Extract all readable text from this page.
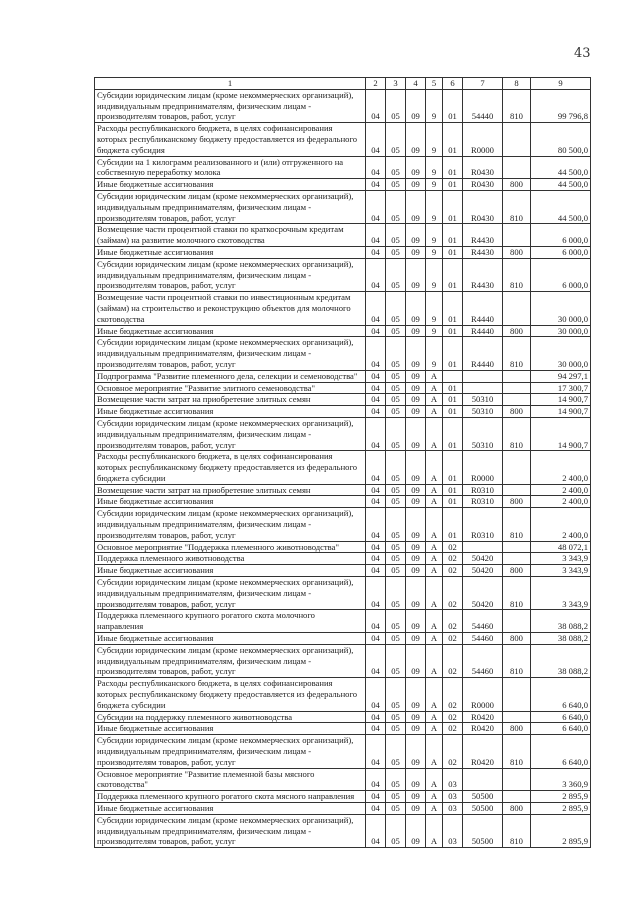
43
1	2	3	4	5	6	7	8	9
Субсидии юридическим лицам (кроме некоммерческих организаций), индивидуальным предпринимателям, физическим лицам - производителям товаров, работ, услуг	04	05	09	9	01	54440	810	99 796,8
Расходы республиканского бюджета, в целях софинансирования которых республиканскому бюджету предоставляется из федерального бюджета субсидия	04	05	09	9	01	R0000		80 500,0
Субсидии на 1 килограмм реализованного и (или) отгруженного на собственную переработку молока	04	05	09	9	01	R0430		44 500,0
Иные бюджетные ассигнования	04	05	09	9	01	R0430	800	44 500,0
Субсидии юридическим лицам (кроме некоммерческих организаций), индивидуальным предпринимателям, физическим лицам - производителям товаров, работ, услуг	04	05	09	9	01	R0430	810	44 500,0
Возмещение части процентной ставки по краткосрочным кредитам (займам) на развитие молочного скотоводства	04	05	09	9	01	R4430		6 000,0
Иные бюджетные ассигнования	04	05	09	9	01	R4430	800	6 000,0
Субсидии юридическим лицам (кроме некоммерческих организаций), индивидуальным предпринимателям, физическим лицам - производителям товаров, работ, услуг	04	05	09	9	01	R4430	810	6 000,0
Возмещение части процентной ставки по инвестиционным кредитам (займам) на строительство и реконструкцию объектов для молочного скотоводства	04	05	09	9	01	R4440		30 000,0
Иные бюджетные ассигнования	04	05	09	9	01	R4440	800	30 000,0
Субсидии юридическим лицам (кроме некоммерческих организаций), индивидуальным предпринимателям, физическим лицам - производителям товаров, работ, услуг	04	05	09	9	01	R4440	810	30 000,0
Подпрограмма "Развитие племенного дела, селекции и семеноводства"	04	05	09	А				94 297,1
Основное мероприятие "Развитие элитного семеноводства"	04	05	09	А	01			17 300,7
Возмещение части затрат на приобретение элитных семян	04	05	09	А	01	50310		14 900,7
Иные бюджетные ассигнования	04	05	09	А	01	50310	800	14 900,7
Субсидии юридическим лицам (кроме некоммерческих организаций), индивидуальным предпринимателям, физическим лицам - производителям товаров, работ, услуг	04	05	09	А	01	50310	810	14 900,7
Расходы республиканского бюджета, в целях софинансирования которых республиканскому бюджету предоставляется из федерального бюджета субсидии	04	05	09	А	01	R0000		2 400,0
Возмещение части затрат на приобретение элитных семян	04	05	09	А	01	R0310		2 400,0
Иные бюджетные ассигнования	04	05	09	А	01	R0310	800	2 400,0
Субсидии юридическим лицам (кроме некоммерческих организаций), индивидуальным предпринимателям, физическим лицам - производителям товаров, работ, услуг	04	05	09	А	01	R0310	810	2 400,0
Основное мероприятие "Поддержка племенного животноводства"	04	05	09	А	02			48 072,1
Поддержка племенного животноводства	04	05	09	А	02	50420		3 343,9
Иные бюджетные ассигнования	04	05	09	А	02	50420	800	3 343,9
Субсидии юридическим лицам (кроме некоммерческих организаций), индивидуальным предпринимателям, физическим лицам - производителям товаров, работ, услуг	04	05	09	А	02	50420	810	3 343,9
Поддержка племенного крупного рогатого скота молочного направления	04	05	09	А	02	54460		38 088,2
Иные бюджетные ассигнования	04	05	09	А	02	54460	800	38 088,2
Субсидии юридическим лицам (кроме некоммерческих организаций), индивидуальным предпринимателям, физическим лицам - производителям товаров, работ, услуг	04	05	09	А	02	54460	810	38 088,2
Расходы республиканского бюджета, в целях софинансирования которых республиканскому бюджету предоставляется из федерального бюджета субсидии	04	05	09	А	02	R0000		6 640,0
Субсидии на поддержку племенного животноводства	04	05	09	А	02	R0420		6 640,0
Иные бюджетные ассигнования	04	05	09	А	02	R0420	800	6 640,0
Субсидии юридическим лицам (кроме некоммерческих организаций), индивидуальным предпринимателям, физическим лицам - производителям товаров, работ, услуг	04	05	09	А	02	R0420	810	6 640,0
Основное мероприятие "Развитие племенной базы мясного скотоводства"	04	05	09	А	03			3 360,9
Поддержка племенного крупного рогатого скота мясного направления	04	05	09	А	03	50500		2 895,9
Иные бюджетные ассигнования	04	05	09	А	03	50500	800	2 895,9
Субсидии юридическим лицам (кроме некоммерческих организаций), индивидуальным предпринимателям, физическим лицам - производителям товаров, работ, услуг	04	05	09	А	03	50500	810	2 895,9
